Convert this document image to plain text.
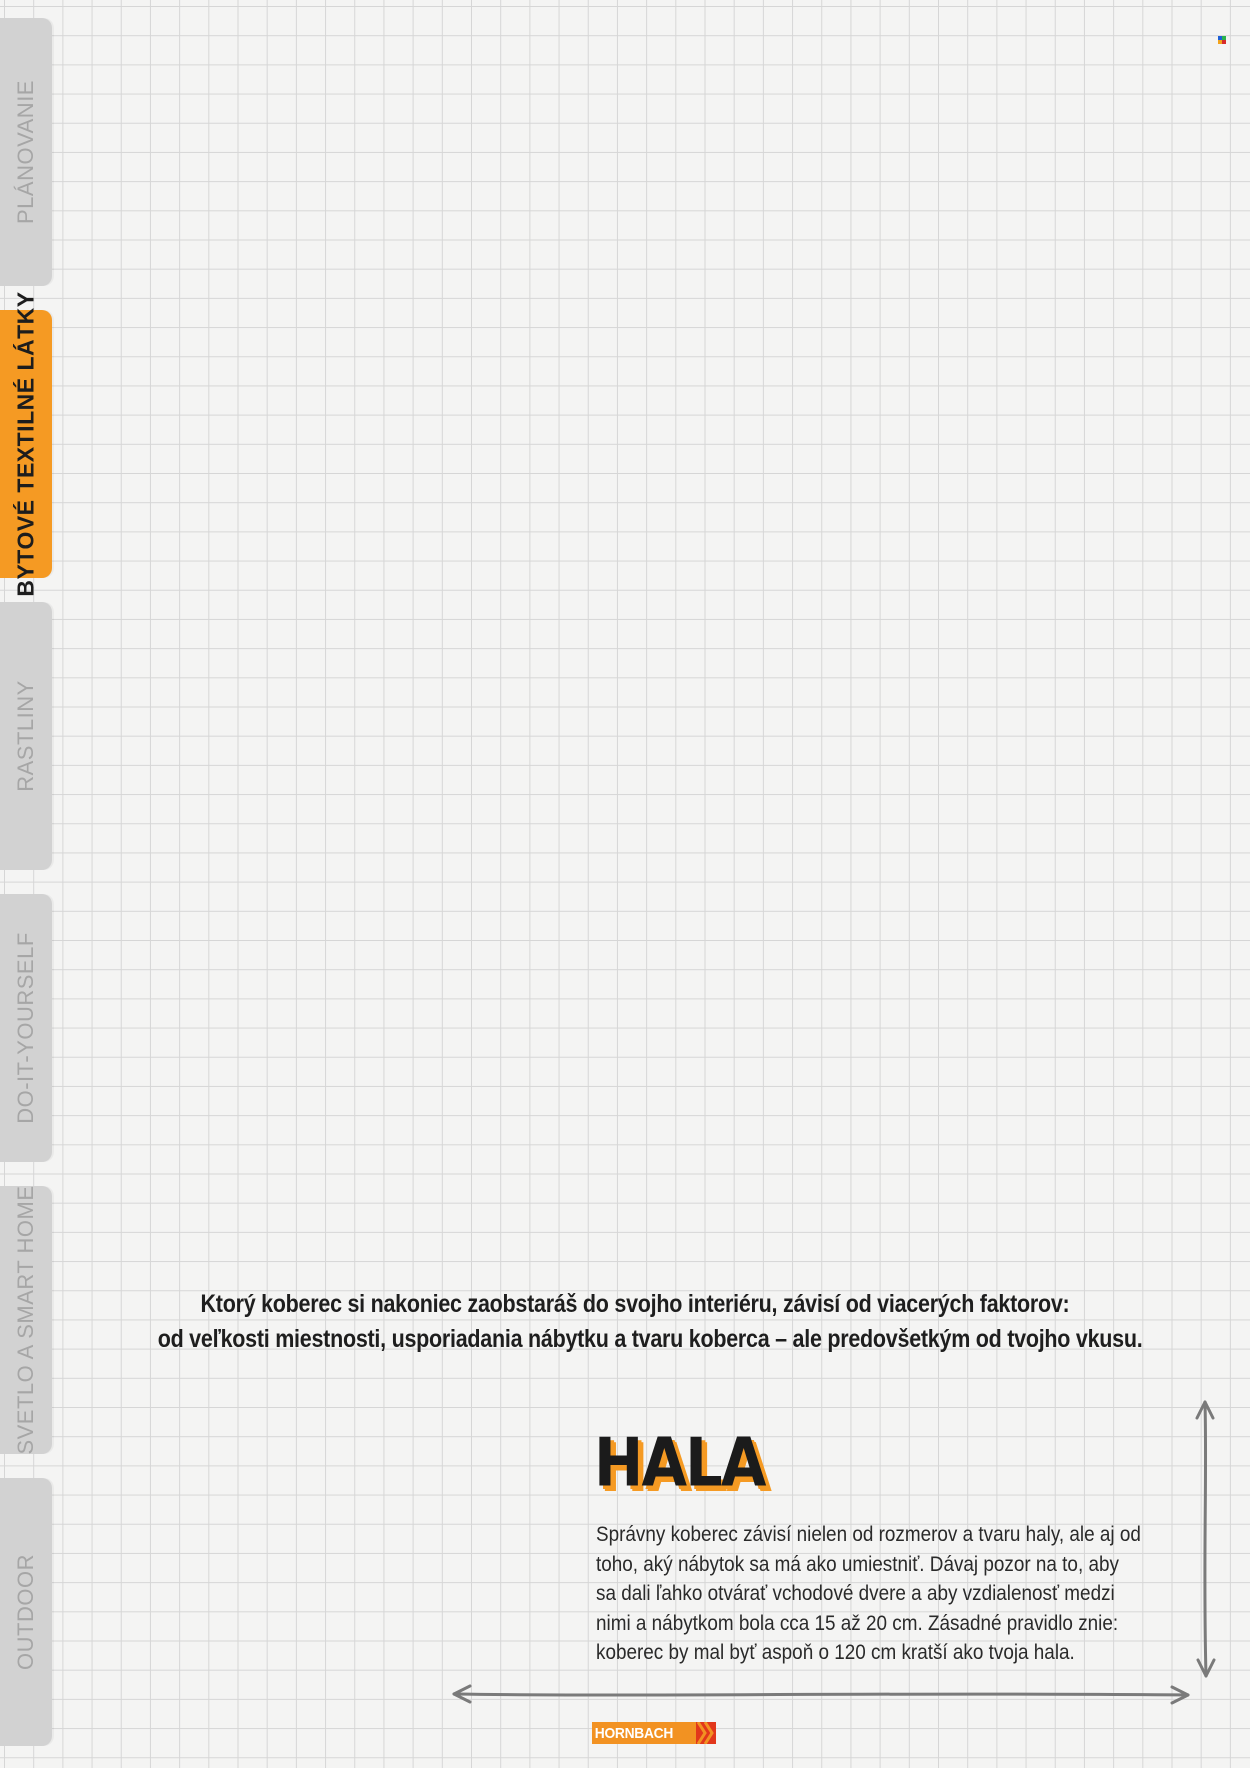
PLÁNOVANIE
BYTOVÉ TEXTILNÉ LÁTKY
RASTLINY
DO-IT-YOURSELF
SVETLO A SMART HOME
OUTDOOR
Ktorý koberec si nakoniec zaobstaráš do svojho interiéru, závisí od viacerých faktorov:
od veľkosti miestnosti, usporiadania nábytku a tvaru koberca – ale predovšetkým od tvojho vkusu.
HALA
Správny koberec závisí nielen od rozmerov a tvaru haly, ale aj od
toho, aký nábytok sa má ako umiestniť. Dávaj pozor na to, aby
sa dali ľahko otvárať vchodové dvere a aby vzdialenosť medzi
nimi a nábytkom bola cca 15 až 20 cm. Zásadné pravidlo znie:
koberec by mal byť aspoň o 120 cm kratší ako tvoja hala.
HORNBACH
